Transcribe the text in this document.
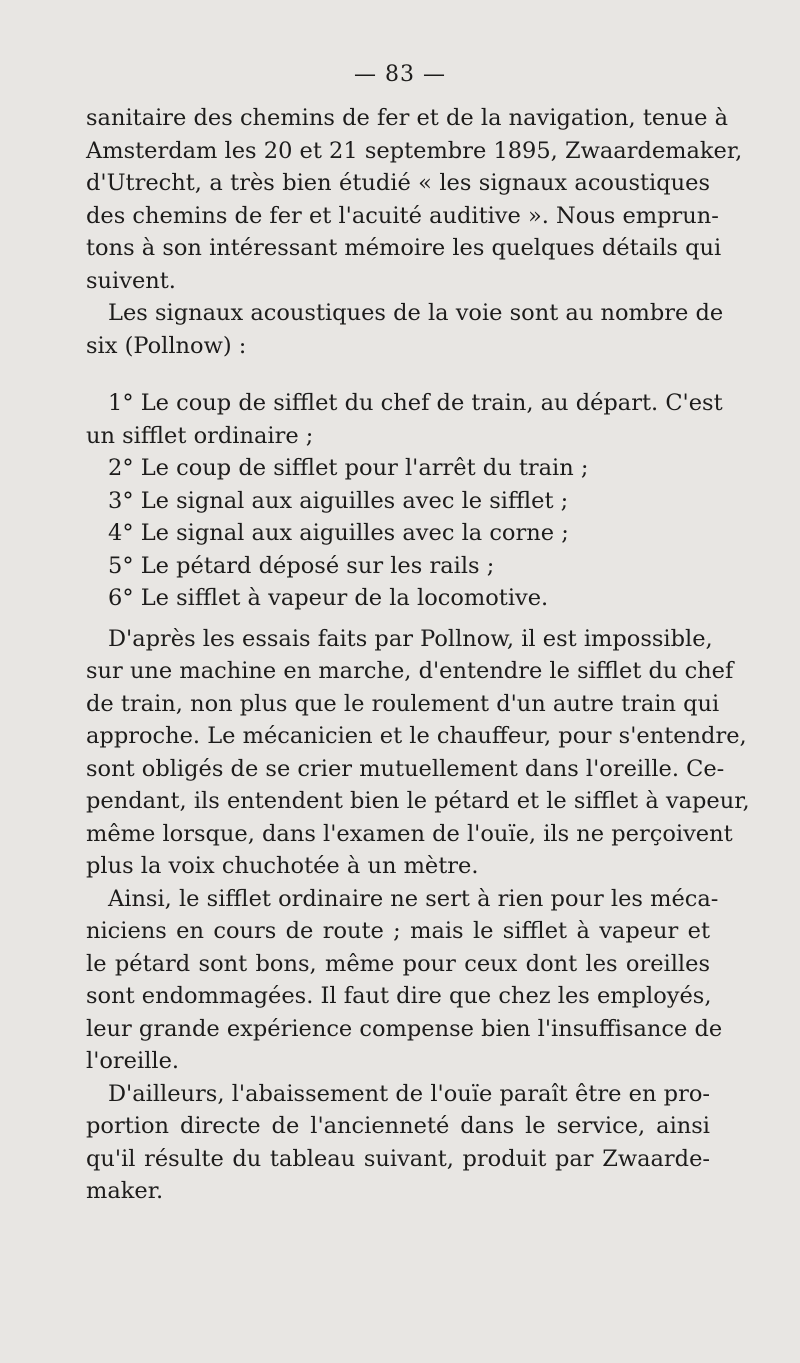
— 83 —
sanitaire des chemins de fer et de la navigation, tenue à
Amsterdam les 20 et 21 septembre 1895, Zwaardemaker,
d'Utrecht, a très bien étudié « les signaux acoustiques
des chemins de fer et l'acuité auditive ». Nous emprun-
tons à son intéressant mémoire les quelques détails qui
suivent.
Les signaux acoustiques de la voie sont au nombre de
six (Pollnow) :
1° Le coup de sifflet du chef de train, au départ. C'est
un sifflet ordinaire ;
2° Le coup de sifflet pour l'arrêt du train ;
3° Le signal aux aiguilles avec le sifflet ;
4° Le signal aux aiguilles avec la corne ;
5° Le pétard déposé sur les rails ;
6° Le sifflet à vapeur de la locomotive.
D'après les essais faits par Pollnow, il est impossible,
sur une machine en marche, d'entendre le sifflet du chef
de train, non plus que le roulement d'un autre train qui
approche. Le mécanicien et le chauffeur, pour s'entendre,
sont obligés de se crier mutuellement dans l'oreille. Ce-
pendant, ils entendent bien le pétard et le sifflet à vapeur,
même lorsque, dans l'examen de l'ouïe, ils ne perçoivent
plus la voix chuchotée à un mètre.
Ainsi, le sifflet ordinaire ne sert à rien pour les méca-
niciens en cours de route ; mais le sifflet à vapeur et
le pétard sont bons, même pour ceux dont les oreilles
sont endommagées. Il faut dire que chez les employés,
leur grande expérience compense bien l'insuffisance de
l'oreille.
D'ailleurs, l'abaissement de l'ouïe paraît être en pro-
portion directe de l'ancienneté dans le service, ainsi
qu'il résulte du tableau suivant, produit par Zwaarde-
maker.
